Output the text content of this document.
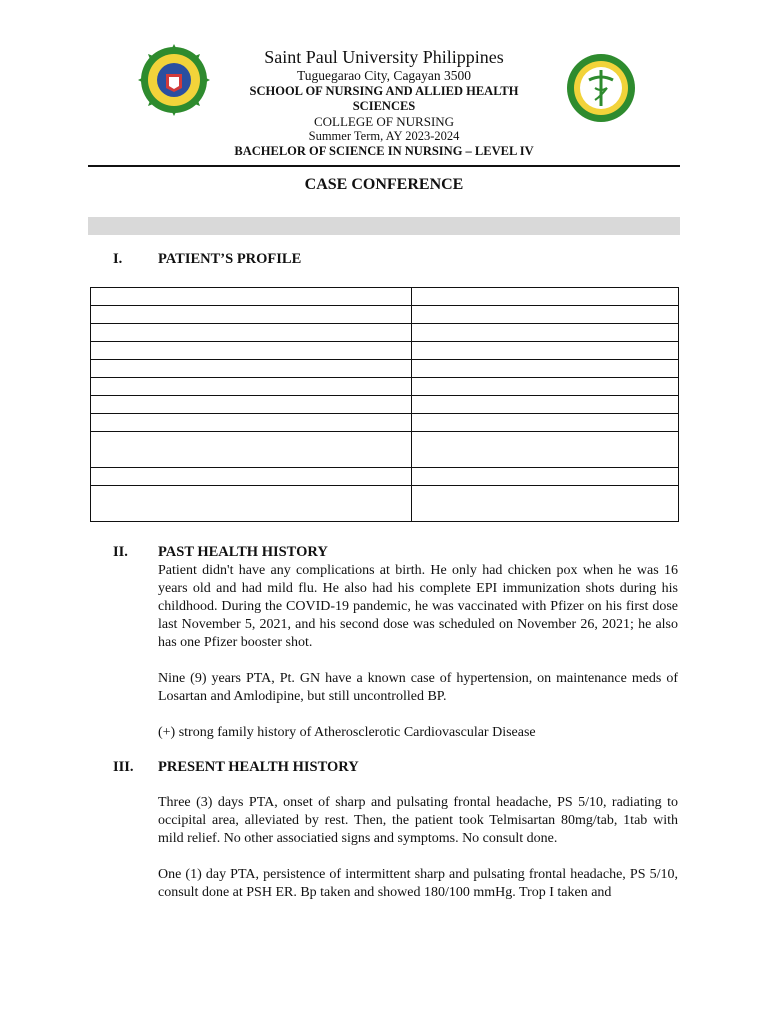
Saint Paul University Philippines
Tuguegarao City, Cagayan 3500
SCHOOL OF NURSING AND ALLIED HEALTH SCIENCES
COLLEGE OF NURSING
Summer Term, AY 2023-2024
BACHELOR OF SCIENCE IN NURSING – LEVEL IV
CASE CONFERENCE
I. PATIENT’S PROFILE

II. PAST HEALTH HISTORY
Patient didn't have any complications at birth. He only had chicken pox when he was 16 years old and had mild flu. He also had his complete EPI immunization shots during his childhood. During the COVID-19 pandemic, he was vaccinated with Pfizer on his first dose last November 5, 2021, and his second dose was scheduled on November 26, 2021; he also has one Pfizer booster shot.
Nine (9) years PTA, Pt. GN have a known case of hypertension, on maintenance meds of Losartan and Amlodipine, but still uncontrolled BP.
(+) strong family history of Atherosclerotic Cardiovascular Disease
III. PRESENT HEALTH HISTORY
Three (3) days PTA, onset of sharp and pulsating frontal headache, PS 5/10, radiating to occipital area, alleviated by rest. Then, the patient took Telmisartan 80mg/tab, 1tab with mild relief. No other associatied signs and symptoms. No consult done.
One (1) day PTA, persistence of intermittent sharp and pulsating frontal headache, PS 5/10, consult done at PSH ER. Bp taken and showed 180/100 mmHg. Trop I taken and
